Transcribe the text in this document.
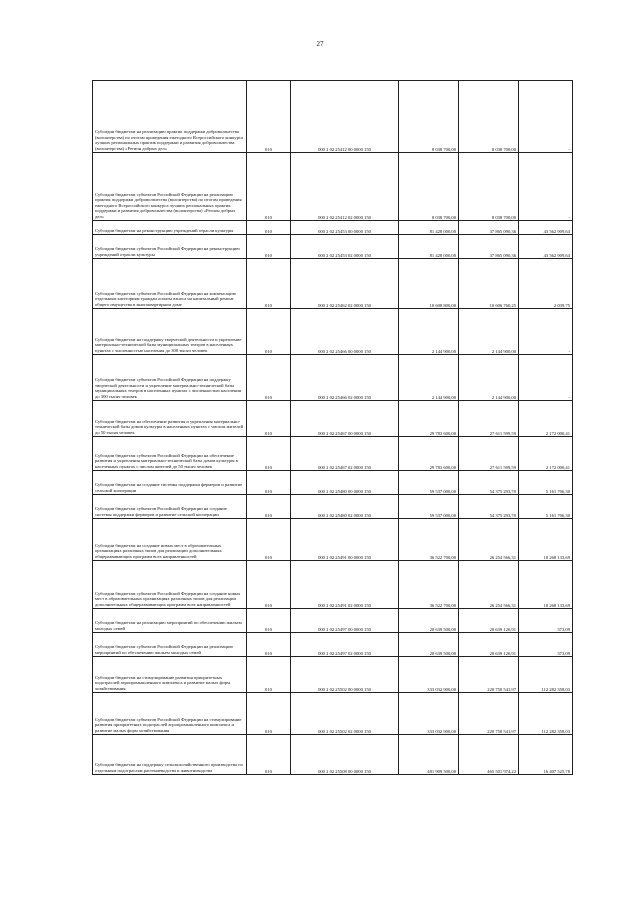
27
Субсидии бюджетам на реализацию практик поддержки добровольчества (волонтерства) по итогам проведения ежегодного Всероссийского конкурса лучших региональных практик поддержки и развития добровольчества (волонтерства) «Регион добрых дел»	010	000 2 02 25412 00 0000 150	8 038 700,00	8 038 700,00	-
Субсидии бюджетам субъектов Российской Федерации на реализацию практик поддержки добровольчества (волонтерства) по итогам проведения ежегодного Всероссийского конкурса лучших региональных практик поддержки и развития добровольчества (волонтерства) «Регион добрых дел»	010	000 2 02 25412 02 0000 150	8 038 700,00	8 038 700,00	-
Субсидии бюджетам на реконструкцию учреждений отрасли культуры	010	000 2 02 25453 00 0000 150	81 428 000,00	37 865 090,36	43 562 909,64
Субсидии бюджетам субъектов Российской Федерации на реконструкцию учреждений отрасли культуры	010	000 2 02 25453 02 0000 150	81 428 000,00	37 865 090,36	43 562 909,64
Субсидии бюджетам субъектов Российской Федерации на компенсацию отдельным категориям граждан оплаты взноса на капитальный ремонт общего имущества в многоквартирном доме	010	000 2 02 25462 02 0000 150	10 608 800,00	10 606 760,25	2 039,75
Субсидии бюджетам на поддержку творческой деятельности и укрепление материально-технической базы муниципальных театров в населенных пунктах с численностью населения до 300 тысяч человек	010	000 2 02 25466 00 0000 150	2 144 900,00	2 144 900,00	-
Субсидии бюджетам субъектов Российской Федерации на поддержку творческой деятельности и укрепление материально-технической базы муниципальных театров в населенных пунктах с численностью населения до 300 тысяч человек	010	000 2 02 25466 02 0000 150	2 144 900,00	2 144 900,00	-
Субсидии бюджетам на обеспечение развития и укрепления материально-технической базы домов культуры в населенных пунктах с числом жителей до 50 тысяч человек	010	000 2 02 25467 00 0000 150	29 783 600,00	27 611 599,59	2 172 000,41
Субсидии бюджетам субъектов Российской Федерации на обеспечение развития и укрепления материально-технической базы домов культуры в населенных пунктах с числом жителей до 50 тысяч человек	010	000 2 02 25467 02 0000 150	29 783 600,00	27 611 599,59	2 172 000,41
Субсидии бюджетам на создание системы поддержки фермеров и развитие сельской кооперации	010	000 2 02 25480 00 0000 150	59 537 000,00	54 375 293,70	5 161 706,30
Субсидии бюджетам субъектов Российской Федерации на создание системы поддержки фермеров и развитие сельской кооперации	010	000 2 02 25480 02 0000 150	59 537 000,00	54 375 293,70	5 161 706,30
Субсидии бюджетам на создание новых мест в образовательных организациях различных типов для реализации дополнительных общеразвивающих программ всех направленностей	010	000 2 02 25491 00 0000 150	36 522 700,00	26 254 566,31	10 268 133,69
Субсидии бюджетам субъектов Российской Федерации на создание новых мест в образовательных организациях различных типов для реализации дополнительных общеразвивающих программ всех направленностей	010	000 2 02 25491 02 0000 150	36 522 700,00	26 254 566,31	10 268 133,69
Субсидии бюджетам на реализацию мероприятий по обеспечению жильем молодых семей	010	000 2 02 25497 00 0000 150	20 639 500,00	20 639 126,91	373,09
Субсидии бюджетам субъектов Российской Федерации на реализацию мероприятий по обеспечению жильем молодых семей	010	000 2 02 25497 02 0000 150	20 639 500,00	20 639 126,91	373,09
Субсидии бюджетам на стимулирование развития приоритетных подотраслей агропромышленного комплекса и развитие малых форм хозяйствования	010	000 2 02 25502 00 0000 150	333 032 900,00	220 750 541,97	112 282 358,03
Субсидии бюджетам субъектов Российской Федерации на стимулирование развития приоритетных подотраслей агропромышленного комплекса и развитие малых форм хозяйствования	010	000 2 02 25502 02 0000 150	333 032 900,00	220 750 541,97	112 282 358,03
Субсидии бюджетам на поддержку сельскохозяйственного производства по отдельным подотраслям растениеводства и животноводства	010	000 2 02 25508 00 0000 150	481 909 500,00	465 501 974,22	16 407 525,78
